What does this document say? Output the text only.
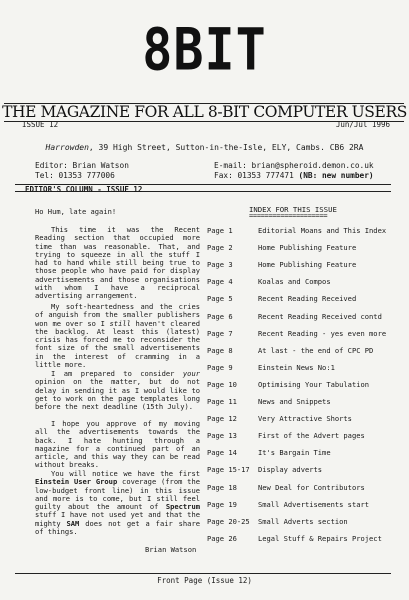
8BIT
THE MAGAZINE FOR ALL 8-BIT COMPUTER USERS
ISSUE 12	Jun/Jul 1996
Harrowden, 39 High Street, Sutton-in-the-Isle, ELY, Cambs. CB6 2RA
Editor: Brian Watson
Tel: 01353 777006
E-mail: brian@spheroid.demon.co.uk
Fax: 01353 777471 (NB: new number)
EDITOR'S COLUMN - ISSUE 12
Ho Hum, late again!

This time it was the Recent Reading section that occupied more time than was reasonable. That, and trying to squeeze in all the stuff I had to hand while still being true to those people who have paid for display advertisements and those organisations with whom I have a reciprocal advertising arrangement.

My soft-heartedness and the cries of anguish from the smaller publishers won me over so I still haven't cleared the backlog. At least this (latest) crisis has forced me to reconsider the font size of the small advertisements in the interest of cramming in a little more.

I am prepared to consider your opinion on the matter, but do not delay in sending it as I would like to get to work on the page templates long before the next deadline (15th July).

I hope you approve of my moving all the advertisements towards the back. I hate hunting through a magazine for a continued part of an article, and this way they can be read without breaks.

You will notice we have the first Einstein User Group coverage (from the low-budget front line) in this issue and more is to come, but I still feel guilty about the amount of Spectrum stuff I have not used yet and that the mighty SAM does not get a fair share of things.

Brian Watson
INDEX FOR THIS ISSUE
====================
Page 1	Editorial Moans and This Index
Page 2	Home Publishing Feature
Page 3	Home Publishing Feature
Page 4	Koalas and Compos
Page 5	Recent Reading Received
Page 6	Recent Reading Received contd
Page 7	Recent Reading - yes even more
Page 8	At last - the end of CPC PD
Page 9	Einstein News No:1
Page 10	Optimising Your Tabulation
Page 11	News and Snippets
Page 12	Very Attractive Shorts
Page 13	First of the Advert pages
Page 14	It's Bargain Time
Page 15-17 Display adverts
Page 18	New Deal for Contributors
Page 19	Small Advertisements start
Page 20-25 Small Adverts section
Page 26	Legal Stuff & Repairs Project
Front Page (Issue 12)
